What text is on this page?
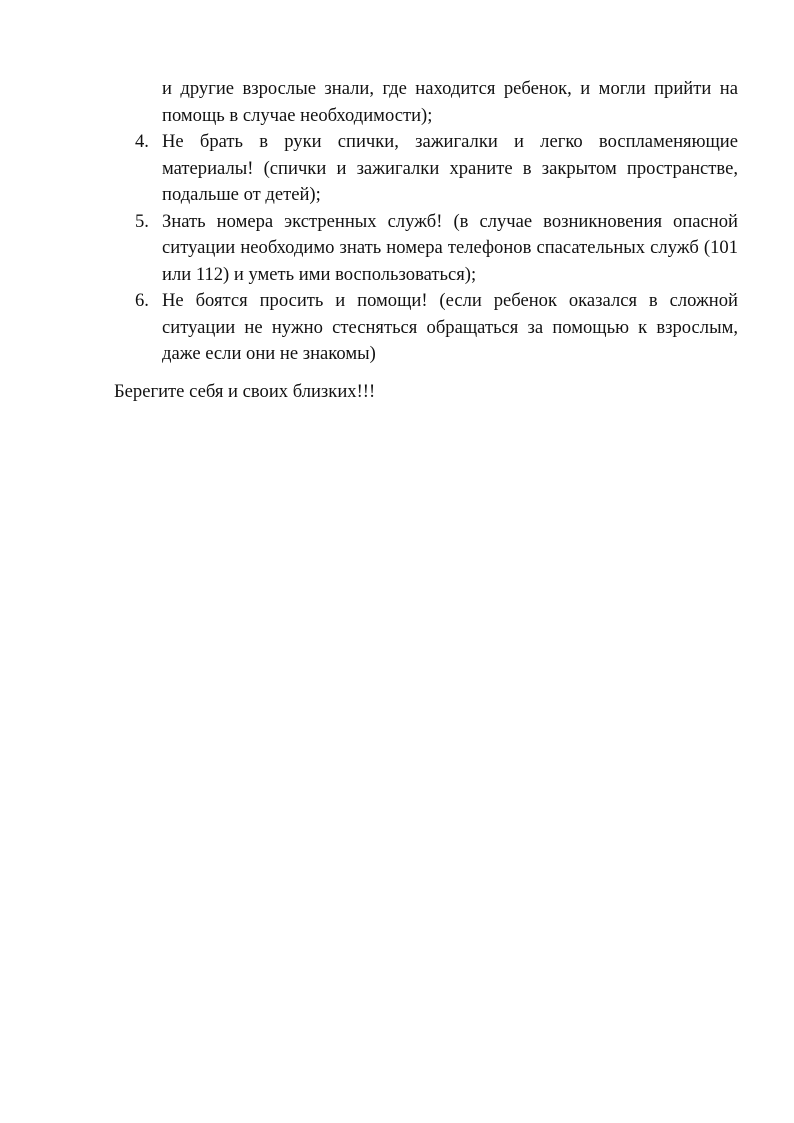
и другие взрослые знали, где находится ребенок, и могли прийти на помощь в случае необходимости);
4. Не брать в руки спички, зажигалки и легко воспламеняющие материалы! (спички и зажигалки храните в закрытом пространстве, подальше от детей);
5. Знать номера экстренных служб! (в случае возникновения опасной ситуации необходимо знать номера телефонов спасательных служб (101 или 112) и уметь ими воспользоваться);
6. Не боятся просить и помощи! (если ребенок оказался в сложной ситуации не нужно стесняться обращаться за помощью к взрослым, даже если они не знакомы)

Берегите себя и своих близких!!!
